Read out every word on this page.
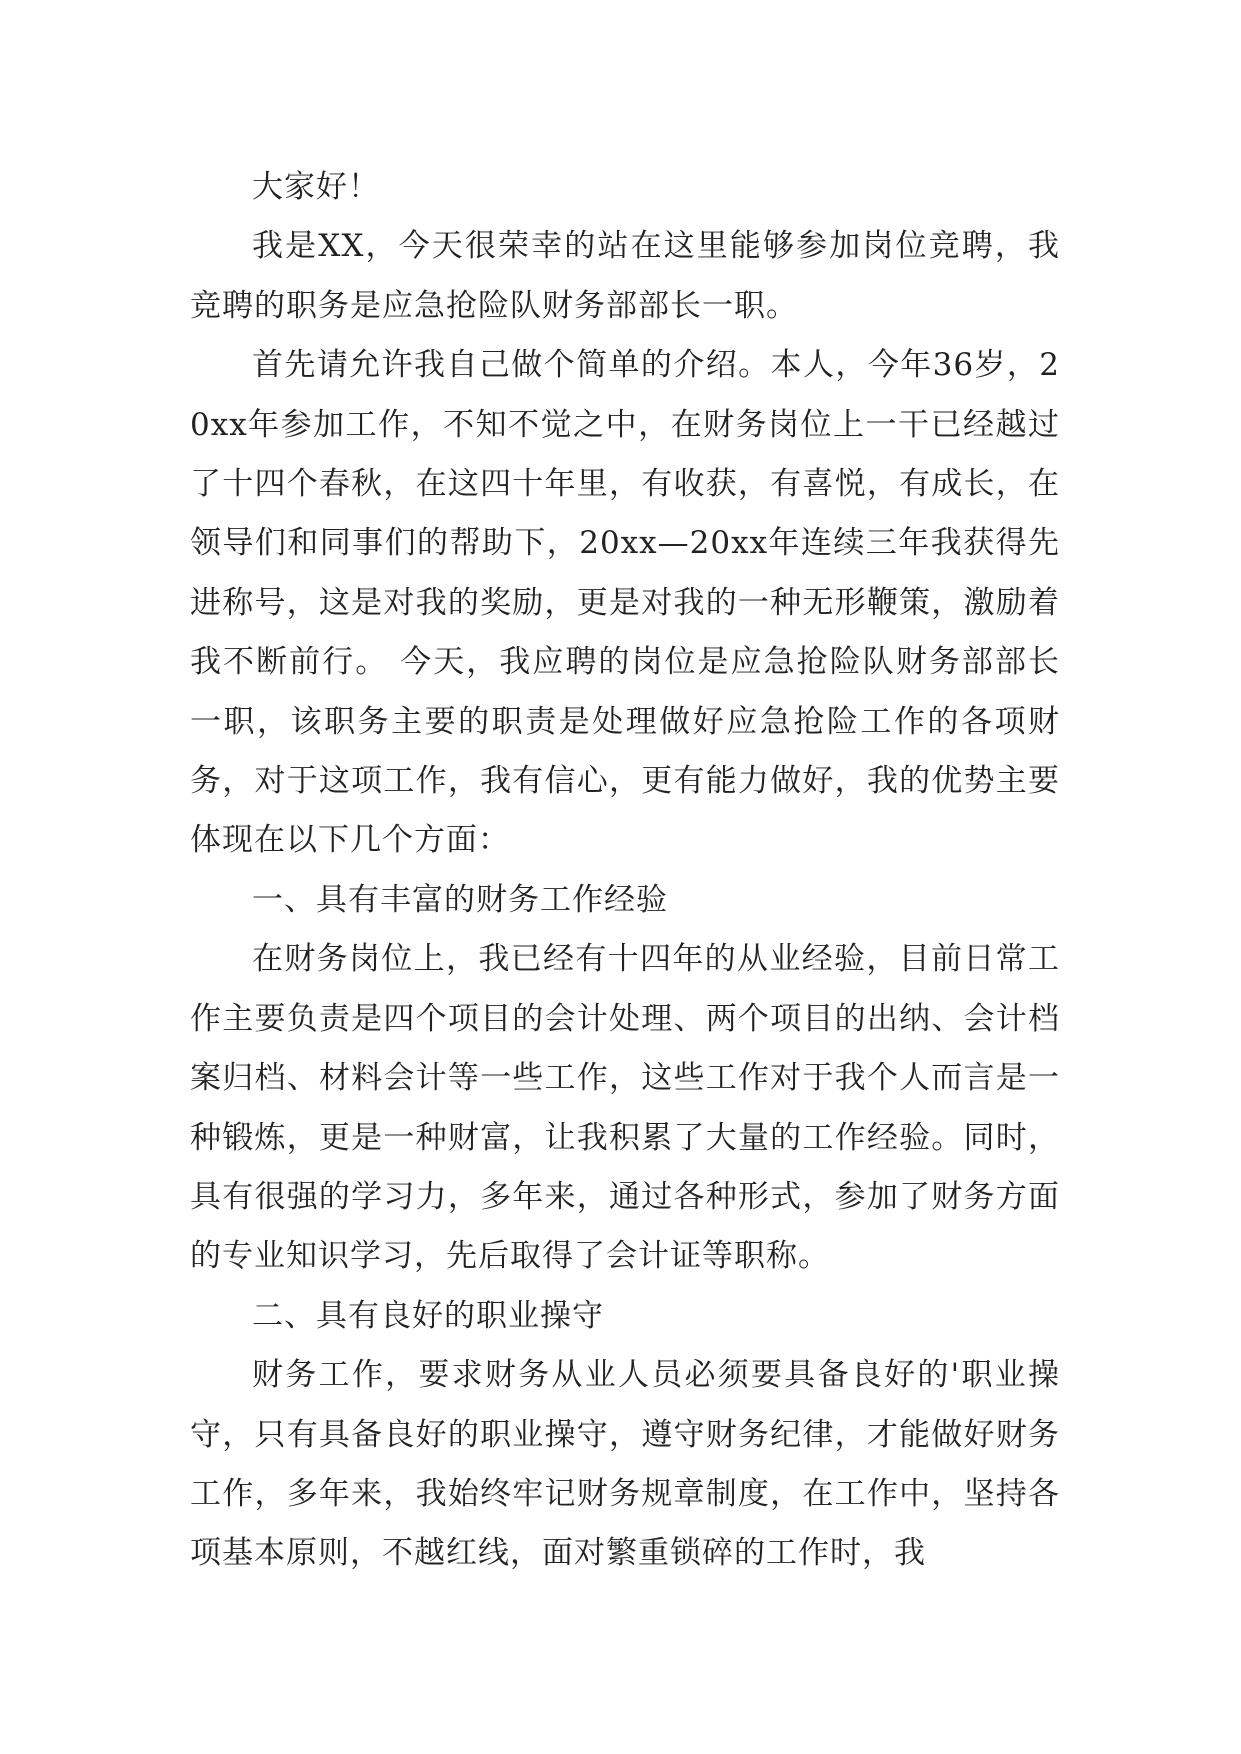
大家好！

我是XX，今天很荣幸的站在这里能够参加岗位竞聘，我竞聘的职务是应急抢险队财务部部长一职。

首先请允许我自己做个简单的介绍。本人，今年36岁，20xx年参加工作，不知不觉之中，在财务岗位上一干已经越过了十四个春秋，在这四十年里，有收获，有喜悦，有成长，在领导们和同事们的帮助下，20xx—20xx年连续三年我获得先进称号，这是对我的奖励，更是对我的一种无形鞭策，激励着我不断前行。 今天，我应聘的岗位是应急抢险队财务部部长一职，该职务主要的职责是处理做好应急抢险工作的各项财务，对于这项工作，我有信心，更有能力做好，我的优势主要体现在以下几个方面：

一、具有丰富的财务工作经验

在财务岗位上，我已经有十四年的从业经验，目前日常工作主要负责是四个项目的会计处理、两个项目的出纳、会计档案归档、材料会计等一些工作，这些工作对于我个人而言是一种锻炼，更是一种财富，让我积累了大量的工作经验。同时，具有很强的学习力，多年来，通过各种形式，参加了财务方面的专业知识学习，先后取得了会计证等职称。

二、具有良好的职业操守

财务工作，要求财务从业人员必须要具备良好的'职业操守，只有具备良好的职业操守，遵守财务纪律，才能做好财务工作，多年来，我始终牢记财务规章制度，在工作中，坚持各项基本原则，不越红线，面对繁重锁碎的工作时，我
